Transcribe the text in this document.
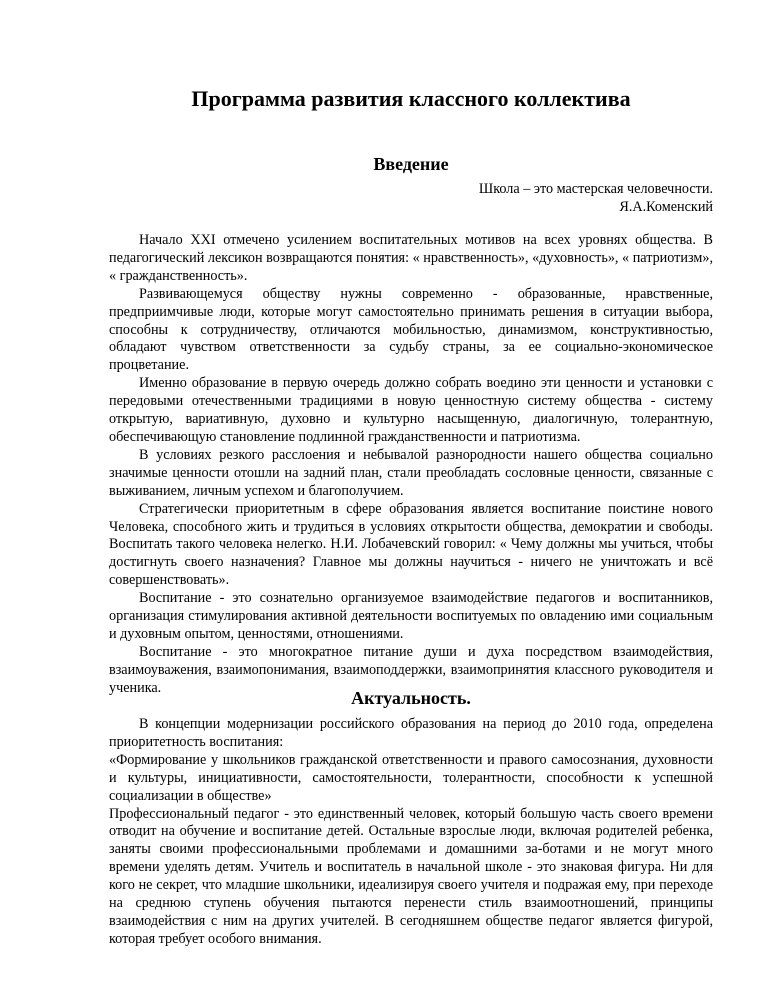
Программа развития классного коллектива
Введение
Школа – это мастерская человечности.
Я.А.Коменский

Начало XXI отмечено усилением воспитательных мотивов на всех уровнях общества. В педагогический лексикон возвращаются понятия: « нравственность», «духовность», « патриотизм», « гражданственность».

Развивающемуся обществу нужны современно - образованные, нравственные, предприимчивые люди, которые могут самостоятельно принимать решения в ситуации выбора, способны к сотрудничеству, отличаются мобильностью, динамизмом, конструктивностью, обладают чувством ответственности за судьбу страны, за ее социально-экономическое процветание.

Именно образование в первую очередь должно собрать воедино эти ценности и установки с передовыми отечественными традициями в новую ценностную систему общества - систему открытую, вариативную, духовно и культурно насыщенную, диалогичную, толерантную, обеспечивающую становление подлинной гражданственности и патриотизма.

В условиях резкого расслоения и небывалой разнородности нашего общества социально значимые ценности отошли на задний план, стали преобладать сословные ценности, связанные с выживанием, личным успехом и благополучием.

Стратегически приоритетным в сфере образования является воспитание поистине нового Человека, способного жить и трудиться в условиях открытости общества, демократии и свободы. Воспитать такого человека нелегко. Н.И. Лобачевский говорил: « Чему должны мы учиться, чтобы достигнуть своего назначения? Главное мы должны научиться - ничего не уничтожать и всё совершенствовать».

Воспитание - это сознательно организуемое взаимодействие педагогов и воспитанников, организация стимулирования активной деятельности воспитуемых по овладению ими социальным и духовным опытом, ценностями, отношениями.

Воспитание - это многократное питание души и духа посредством взаимодействия, взаимоуважения, взаимопонимания, взаимоподдержки, взаимопринятия классного руководителя и ученика.

Актуальность.

В концепции модернизации российского образования на период до 2010 года, определена приоритетность воспитания:

«Формирование у школьников гражданской ответственности и правого самосознания, духовности и культуры, инициативности, самостоятельности, толерантности, способности к успешной социализации в обществе»

Профессиональный педагог - это единственный человек, который большую часть своего времени отводит на обучение и воспитание детей. Остальные взрослые люди, включая родителей ребенка, заняты своими профессиональными проблемами и домашними за-ботами и не могут много времени уделять детям. Учитель и воспитатель в начальной школе - это знаковая фигура. Ни для кого не секрет, что младшие школьники, идеализируя своего учителя и подражая ему, при переходе на среднюю ступень обучения пытаются перенести стиль взаимоотношений, принципы взаимодействия с ним на других учителей. В сегодняшнем обществе педагог является фигурой, которая требует особого внимания.
